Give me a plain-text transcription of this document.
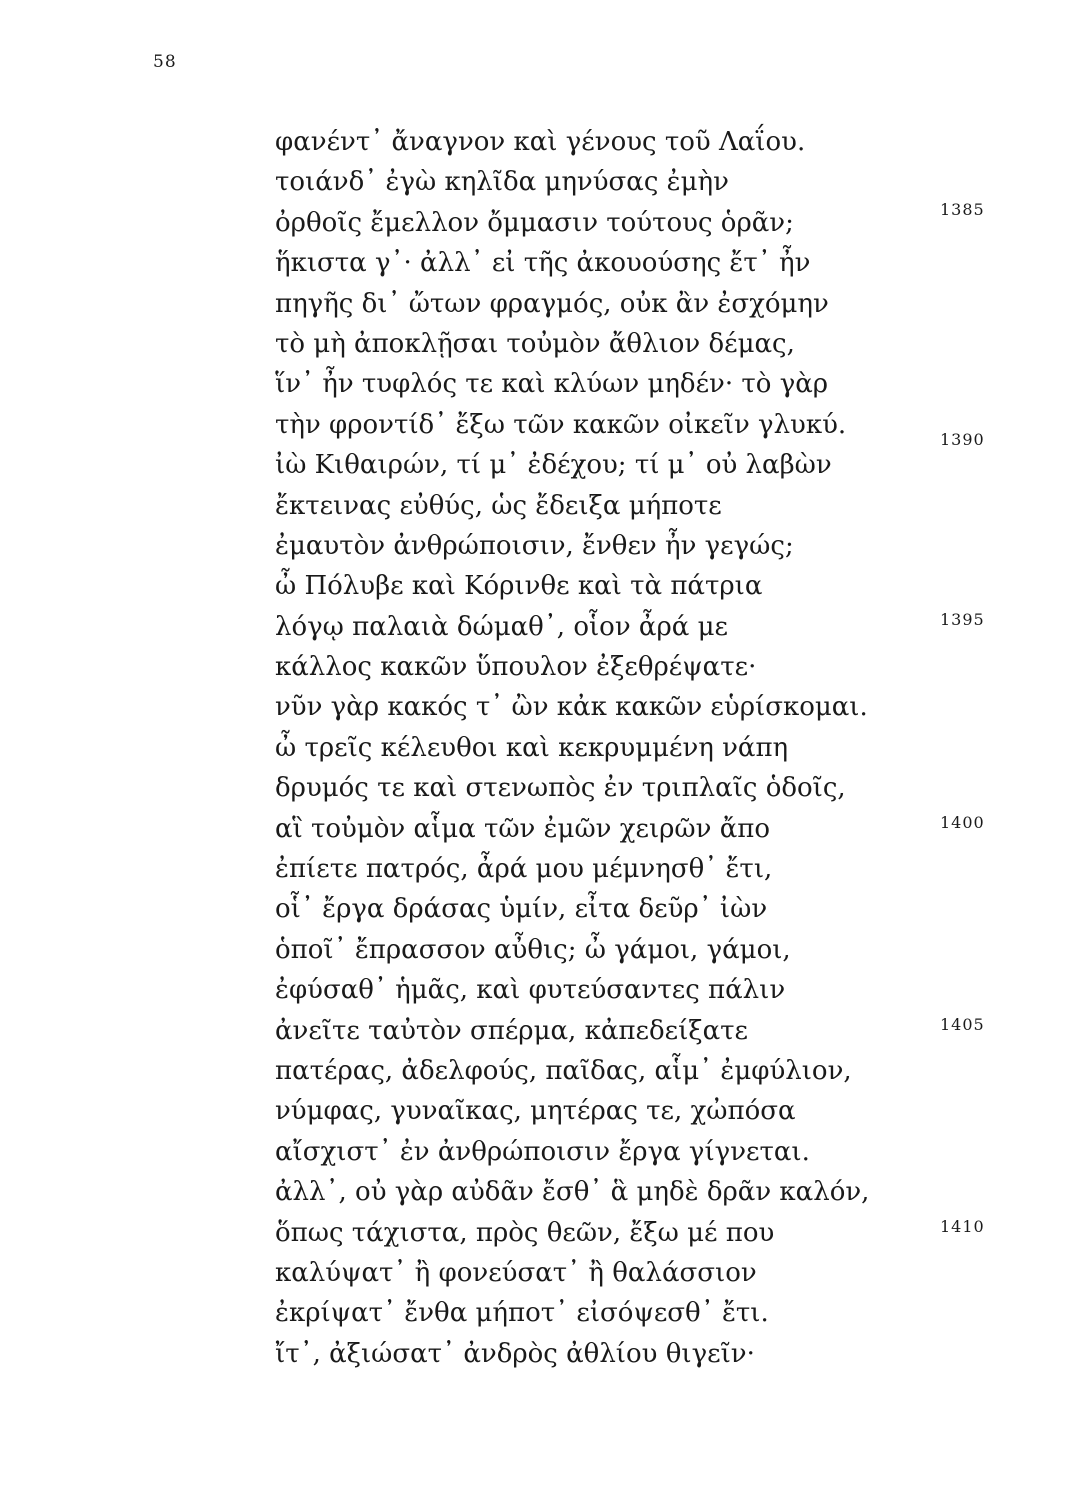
58
φανέντ᾽ ἄναγνον καὶ γένους τοῦ Λαΐου.
τοιάνδ᾽ ἐγὼ κηλῖδα μηνύσας ἐμὴν
ὀρθοῖς ἔμελλον ὄμμασιν τούτους ὁρᾶν;
ἥκιστα γ᾽· ἀλλ᾽ εἰ τῆς ἀκουούσης ἔτ᾽ ἦν
πηγῆς δι᾽ ὤτων φραγμός, οὐκ ἂν ἐσχόμην
τὸ μὴ ἀποκλῇσαι τοὐμὸν ἄθλιον δέμας,
ἵν᾽ ἦν τυφλός τε καὶ κλύων μηδέν· τὸ γὰρ
τὴν φροντίδ᾽ ἔξω τῶν κακῶν οἰκεῖν γλυκύ.
ἰὼ Κιθαιρών, τί μ᾽ ἐδέχου; τί μ᾽ οὐ λαβὼν
ἔκτεινας εὐθύς, ὡς ἔδειξα μήποτε
ἐμαυτὸν ἀνθρώποισιν, ἔνθεν ἦν γεγώς;
ὦ Πόλυβε καὶ Κόρινθε καὶ τὰ πάτρια
λόγῳ παλαιὰ δώμαθ᾽, οἷον ἆρά με
κάλλος κακῶν ὕπουλον ἐξεθρέψατε·
νῦν γὰρ κακός τ᾽ ὢν κἀκ κακῶν εὑρίσκομαι.
ὦ τρεῖς κέλευθοι καὶ κεκρυμμένη νάπη
δρυμός τε καὶ στενωπὸς ἐν τριπλαῖς ὁδοῖς,
αἳ τοὐμὸν αἷμα τῶν ἐμῶν χειρῶν ἄπο
ἐπίετε πατρός, ἆρά μου μέμνησθ᾽ ἔτι,
οἷ᾽ ἔργα δράσας ὑμίν, εἶτα δεῦρ᾽ ἰὼν
ὁποῖ᾽ ἔπρασσον αὖθις; ὦ γάμοι, γάμοι,
ἐφύσαθ᾽ ἡμᾶς, καὶ φυτεύσαντες πάλιν
ἀνεῖτε ταὐτὸν σπέρμα, κἀπεδείξατε
πατέρας, ἀδελφούς, παῖδας, αἷμ᾽ ἐμφύλιον,
νύμφας, γυναῖκας, μητέρας τε, χὠπόσα
αἴσχιστ᾽ ἐν ἀνθρώποισιν ἔργα γίγνεται.
ἀλλ᾽, οὐ γὰρ αὐδᾶν ἔσθ᾽ ἃ μηδὲ δρᾶν καλόν,
ὅπως τάχιστα, πρὸς θεῶν, ἔξω μέ που
καλύψατ᾽ ἢ φονεύσατ᾽ ἢ θαλάσσιον
ἐκρίψατ᾽ ἔνθα μήποτ᾽ εἰσόψεσθ᾽ ἔτι.
ἴτ᾽, ἀξιώσατ᾽ ἀνδρὸς ἀθλίου θιγεῖν·
1385
1390
1395
1400
1405
1410
